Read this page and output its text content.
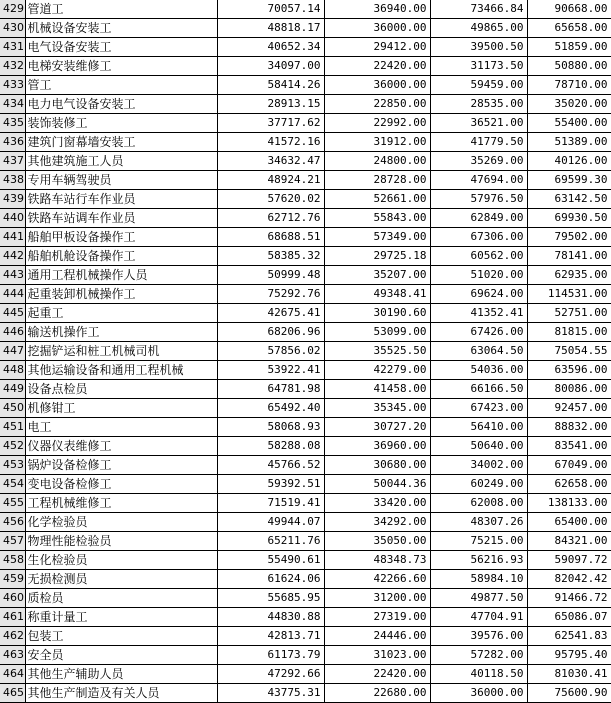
429	管道工	70057.14	36940.00	73466.84	90668.00
430	机械设备安装工	48818.17	36000.00	49865.00	65658.00
431	电气设备安装工	40652.34	29412.00	39500.50	51859.00
432	电梯安装维修工	34097.00	22420.00	31173.50	50880.00
433	管工	58414.26	36000.00	59459.00	78710.00
434	电力电气设备安装工	28913.15	22850.00	28535.00	35020.00
435	装饰装修工	37717.62	22992.00	36521.00	55400.00
436	建筑门窗幕墙安装工	41572.16	31912.00	41779.50	51389.00
437	其他建筑施工人员	34632.47	24800.00	35269.00	40126.00
438	专用车辆驾驶员	48924.21	28728.00	47694.00	69599.30
439	铁路车站行车作业员	57620.02	52661.00	57976.50	63142.50
440	铁路车站调车作业员	62712.76	55843.00	62849.00	69930.50
441	船舶甲板设备操作工	68688.51	57349.00	67306.00	79502.00
442	船舶机舱设备操作工	58385.32	29725.18	60562.00	78141.00
443	通用工程机械操作人员	50999.48	35207.00	51020.00	62935.00
444	起重装卸机械操作工	75292.76	49348.41	69624.00	114531.00
445	起重工	42675.41	30190.60	41352.41	52751.00
446	输送机操作工	68206.96	53099.00	67426.00	81815.00
447	挖掘铲运和桩工机械司机	57856.02	35525.50	63064.50	75054.55
448	其他运输设备和通用工程机械	53922.41	42279.00	54036.00	63596.00
449	设备点检员	64781.98	41458.00	66166.50	80086.00
450	机修钳工	65492.40	35345.00	67423.00	92457.00
451	电工	58068.93	30727.20	56410.00	88832.00
452	仪器仪表维修工	58288.08	36960.00	50640.00	83541.00
453	锅炉设备检修工	45766.52	30680.00	34002.00	67049.00
454	变电设备检修工	59392.51	50044.36	60249.00	62658.00
455	工程机械维修工	71519.41	33420.00	62008.00	138133.00
456	化学检验员	49944.07	34292.00	48307.26	65400.00
457	物理性能检验员	65211.76	35050.00	75215.00	84321.00
458	生化检验员	55490.61	48348.73	56216.93	59097.72
459	无损检测员	61624.06	42266.60	58984.10	82042.42
460	质检员	55685.95	31200.00	49877.50	91466.72
461	称重计量工	44830.88	27319.00	47704.91	65086.07
462	包装工	42813.71	24446.00	39576.00	62541.83
463	安全员	61173.79	31023.00	57282.00	95795.40
464	其他生产辅助人员	47292.66	22420.00	40118.50	81030.41
465	其他生产制造及有关人员	43775.31	22680.00	36000.00	75600.90
